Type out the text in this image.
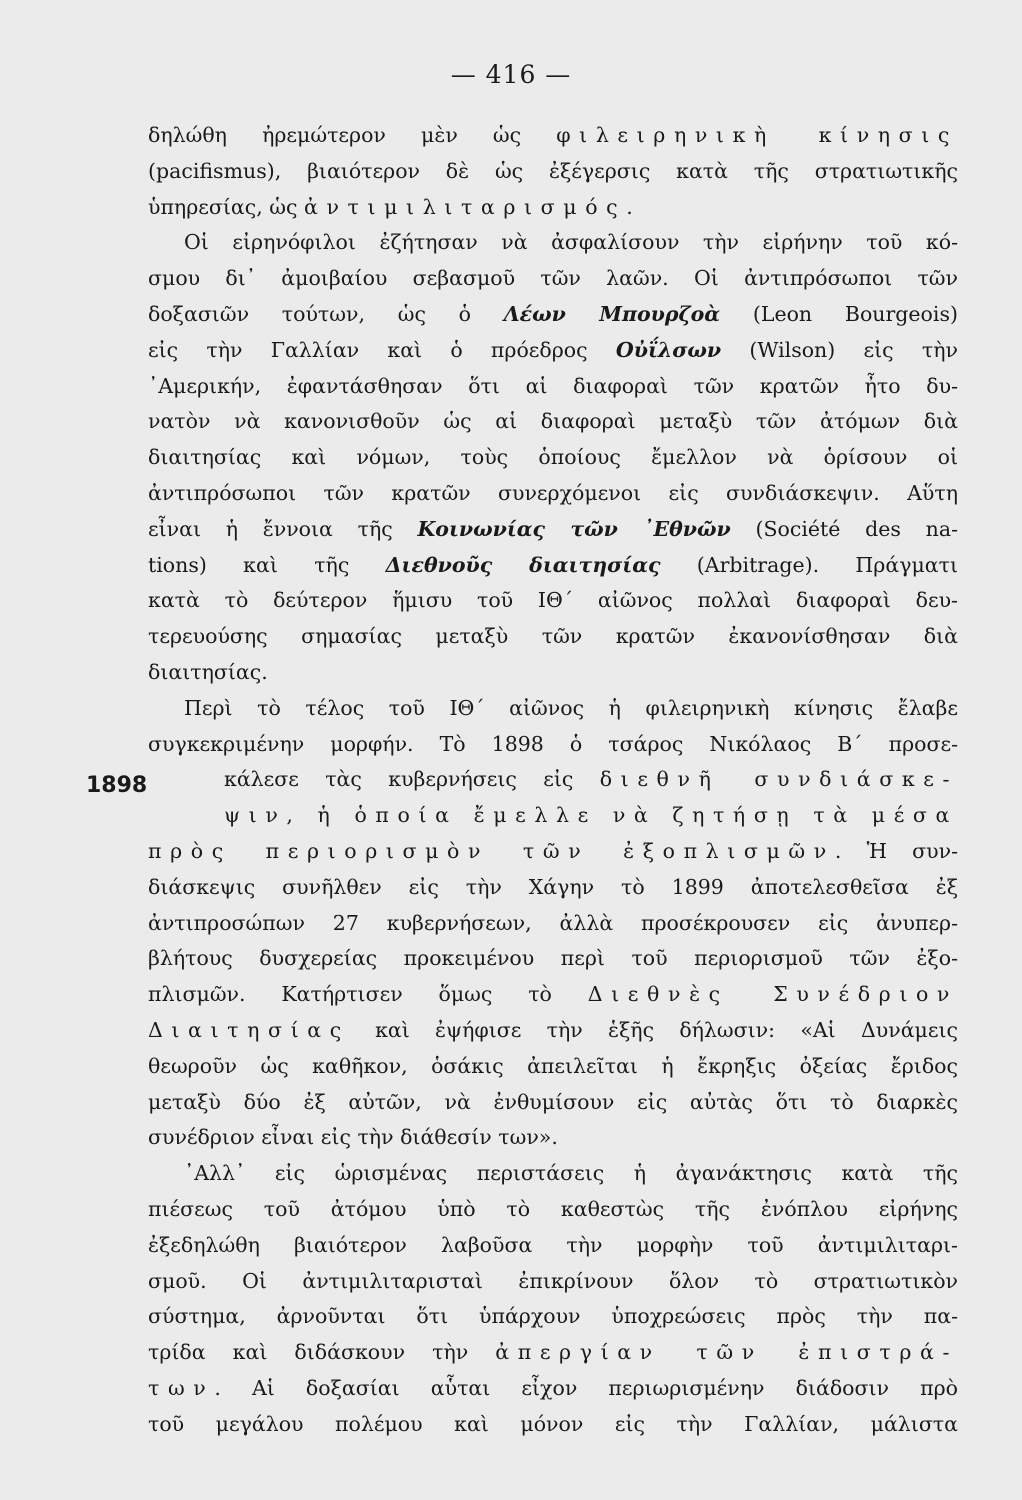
— 416 —
1898
δηλώθη ἠρεμώτερον μὲν ὡς φιλειρηνικὴ κίνησις
(pacifismus), βιαιότερον δὲ ὡς ἐξέγερσις κατὰ τῆς στρατιωτικῆς
ὑπηρεσίας, ὡς ἀντιμιλιταρισμός.
Οἱ εἰρηνόφιλοι ἐζήτησαν νὰ ἀσφαλίσουν τὴν εἰρήνην τοῦ κό-
σμου δι᾽ ἀμοιβαίου σεβασμοῦ τῶν λαῶν. Οἱ ἀντιπρόσωποι τῶν
δοξασιῶν τούτων, ὡς ὁ Λέων Μπουρζοὰ (Leon Bourgeois)
εἰς τὴν Γαλλίαν καὶ ὁ πρόεδρος Οὐΐλσων (Wilson) εἰς τὴν
᾽Αμερικήν, ἐφαντάσθησαν ὅτι αἱ διαφοραὶ τῶν κρατῶν ἦτο δυ-
νατὸν νὰ κανονισθοῦν ὡς αἱ διαφοραὶ μεταξὺ τῶν ἀτόμων διὰ
διαιτησίας καὶ νόμων, τοὺς ὁποίους ἔμελλον νὰ ὁρίσουν οἱ
ἀντιπρόσωποι τῶν κρατῶν συνερχόμενοι εἰς συνδιάσκεψιν. Αὕτη
εἶναι ἡ ἔννοια τῆς Κοινωνίας τῶν ᾽Εθνῶν (Société des na-
tions) καὶ τῆς Διεθνοῦς διαιτησίας (Arbitrage). Πράγματι
κατὰ τὸ δεύτερον ἥμισυ τοῦ ΙΘ´ αἰῶνος πολλαὶ διαφοραὶ δευ-
τερευούσης σημασίας μεταξὺ τῶν κρατῶν ἐκανονίσθησαν διὰ
διαιτησίας.
Περὶ τὸ τέλος τοῦ ΙΘ´ αἰῶνος ἡ φιλειρηνικὴ κίνησις ἔλαβε
συγκεκριμένην μορφήν. Τὸ 1898 ὁ τσάρος Νικόλαος Β´ προσε-
κάλεσε τὰς κυβερνήσεις εἰς διεθνῆ συνδιάσκε-
ψιν, ἡ ὁποία ἔμελλε νὰ ζητήσῃ τὰ μέσα
πρὸς περιορισμὸν τῶν ἐξοπλισμῶν. Ἡ συν-
διάσκεψις συνῆλθεν εἰς τὴν Χάγην τὸ 1899 ἀποτελεσθεῖσα ἐξ
ἀντιπροσώπων 27 κυβερνήσεων, ἀλλὰ προσέκρουσεν εἰς ἀνυπερ-
βλήτους δυσχερείας προκειμένου περὶ τοῦ περιορισμοῦ τῶν ἐξο-
πλισμῶν. Κατήρτισεν ὅμως τὸ Διεθνὲς Συνέδριον
Διαιτησίας καὶ ἐψήφισε τὴν ἑξῆς δήλωσιν: «Αἱ Δυνάμεις
θεωροῦν ὡς καθῆκον, ὁσάκις ἀπειλεῖται ἡ ἔκρηξις ὀξείας ἔριδος
μεταξὺ δύο ἐξ αὐτῶν, νὰ ἐνθυμίσουν εἰς αὐτὰς ὅτι τὸ διαρκὲς
συνέδριον εἶναι εἰς τὴν διάθεσίν των».
᾽Αλλ᾽ εἰς ὡρισμένας περιστάσεις ἡ ἀγανάκτησις κατὰ τῆς
πιέσεως τοῦ ἀτόμου ὑπὸ τὸ καθεστὼς τῆς ἐνόπλου εἰρήνης
ἐξεδηλώθη βιαιότερον λαβοῦσα τὴν μορφὴν τοῦ ἀντιμιλιταρι-
σμοῦ. Οἱ ἀντιμιλιταρισταὶ ἐπικρίνουν ὅλον τὸ στρατιωτικὸν
σύστημα, ἀρνοῦνται ὅτι ὑπάρχουν ὑποχρεώσεις πρὸς τὴν πα-
τρίδα καὶ διδάσκουν τὴν ἀπεργίαν τῶν ἐπιστρά-
των. Αἱ δοξασίαι αὗται εἶχον περιωρισμένην διάδοσιν πρὸ
τοῦ μεγάλου πολέμου καὶ μόνον εἰς τὴν Γαλλίαν, μάλιστα
